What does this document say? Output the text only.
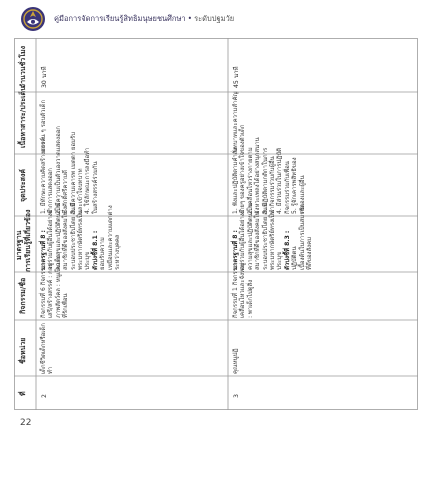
คู่มือการจัดการเรียนรู้สิทธิมนุษยชนศึกษา • ระดับปฐมวัย
ที่
ชื่อหน่วย
กิจกรรม/ชื่อ
มาตรฐาน การเรียนรู้ที่เกี่ยวข้อง
จุดประสงค์
เนื้อหาสาระ/ประเด็น
จำนวนชั่วโมง
2
เด็กชีวิตเด็กหรือเด็ก ทำ
กิจกรรมที่ 6 กิจกรรม เสรี/สร้างสรรค์ : การ ภาพสัตว์คล : หนูเป็นเด็ก ที่รักเพื่อน
มาตรฐานที่ 8 : อยู่ร่วมกับผู้อื่นได้อย่างมี ความสุขและปฏิบัติตนเป็น สมาชิกที่ดีของสังคมใน ระบอบประชาธิปไตย อันมี พระมหากษัตริย์ทรงเป็น ประมุข ตัวบ่งชี้ที่ 8.1 : ยอมรับความ เหมือนและความแตกต่าง ระหว่างบุคคล
1. มีทักษะความคิดสร้างสรรค์ จากการแสดงออก 2. มีความเป็นตัวเองวาดแสดงออก ซึ่งศักดิ์ศรีความดี 3. มีความเคารพ เมตตา ยอมรับ และเข้าใจบทบาท 4. ใช้ลักษณะการลงมือทำ ในสร้างสรรค์ร่วมกัน
ผลงาน ๆ รอบตัวเด็ก
30 นาที
3
คุณหนูปฏิ
กิจกรรมที่ 1 กิจกรรม เคลื่อนไหวและจังหวะ : พาเด็กไปดูสิ่ง
มาตรฐานที่ 8 : อยู่ร่วมกับผู้อื่นได้อย่างมี ความสุขและปฏิบัติตนเป็น สมาชิกที่ดีของสังคมใน ระบอบประชาธิปไตย อันมี พระมหากษัตริย์ทรงเป็น ประมุข ตัวบ่งชี้ที่ 8.3 : ปฏิบัติตน เบื้องต้นในการเป็นสมาชิก ที่ดีของสังคม
1. ฟังและปฏิบัติตามคำสั่ง ง่ายๆ ของครูอย่างเข้าใจ 2. เคลื่อนไหวร่างกายตาม จังหวะเพลงได้อย่างสนุกสนาน 3. ปฏิบัติตามกติกาในการ ทำกิจกรรมร่วมกับผู้อื่น 4. มีส่วนร่วมในการปฏิบัติ กิจกรรมร่วมกับเพื่อน 5. รู้จักเคารพสิทธิของ ตนเองและผู้อื่น
บทบาทและความสำคัญ ของตัวเด็ก
45 นาที
22
